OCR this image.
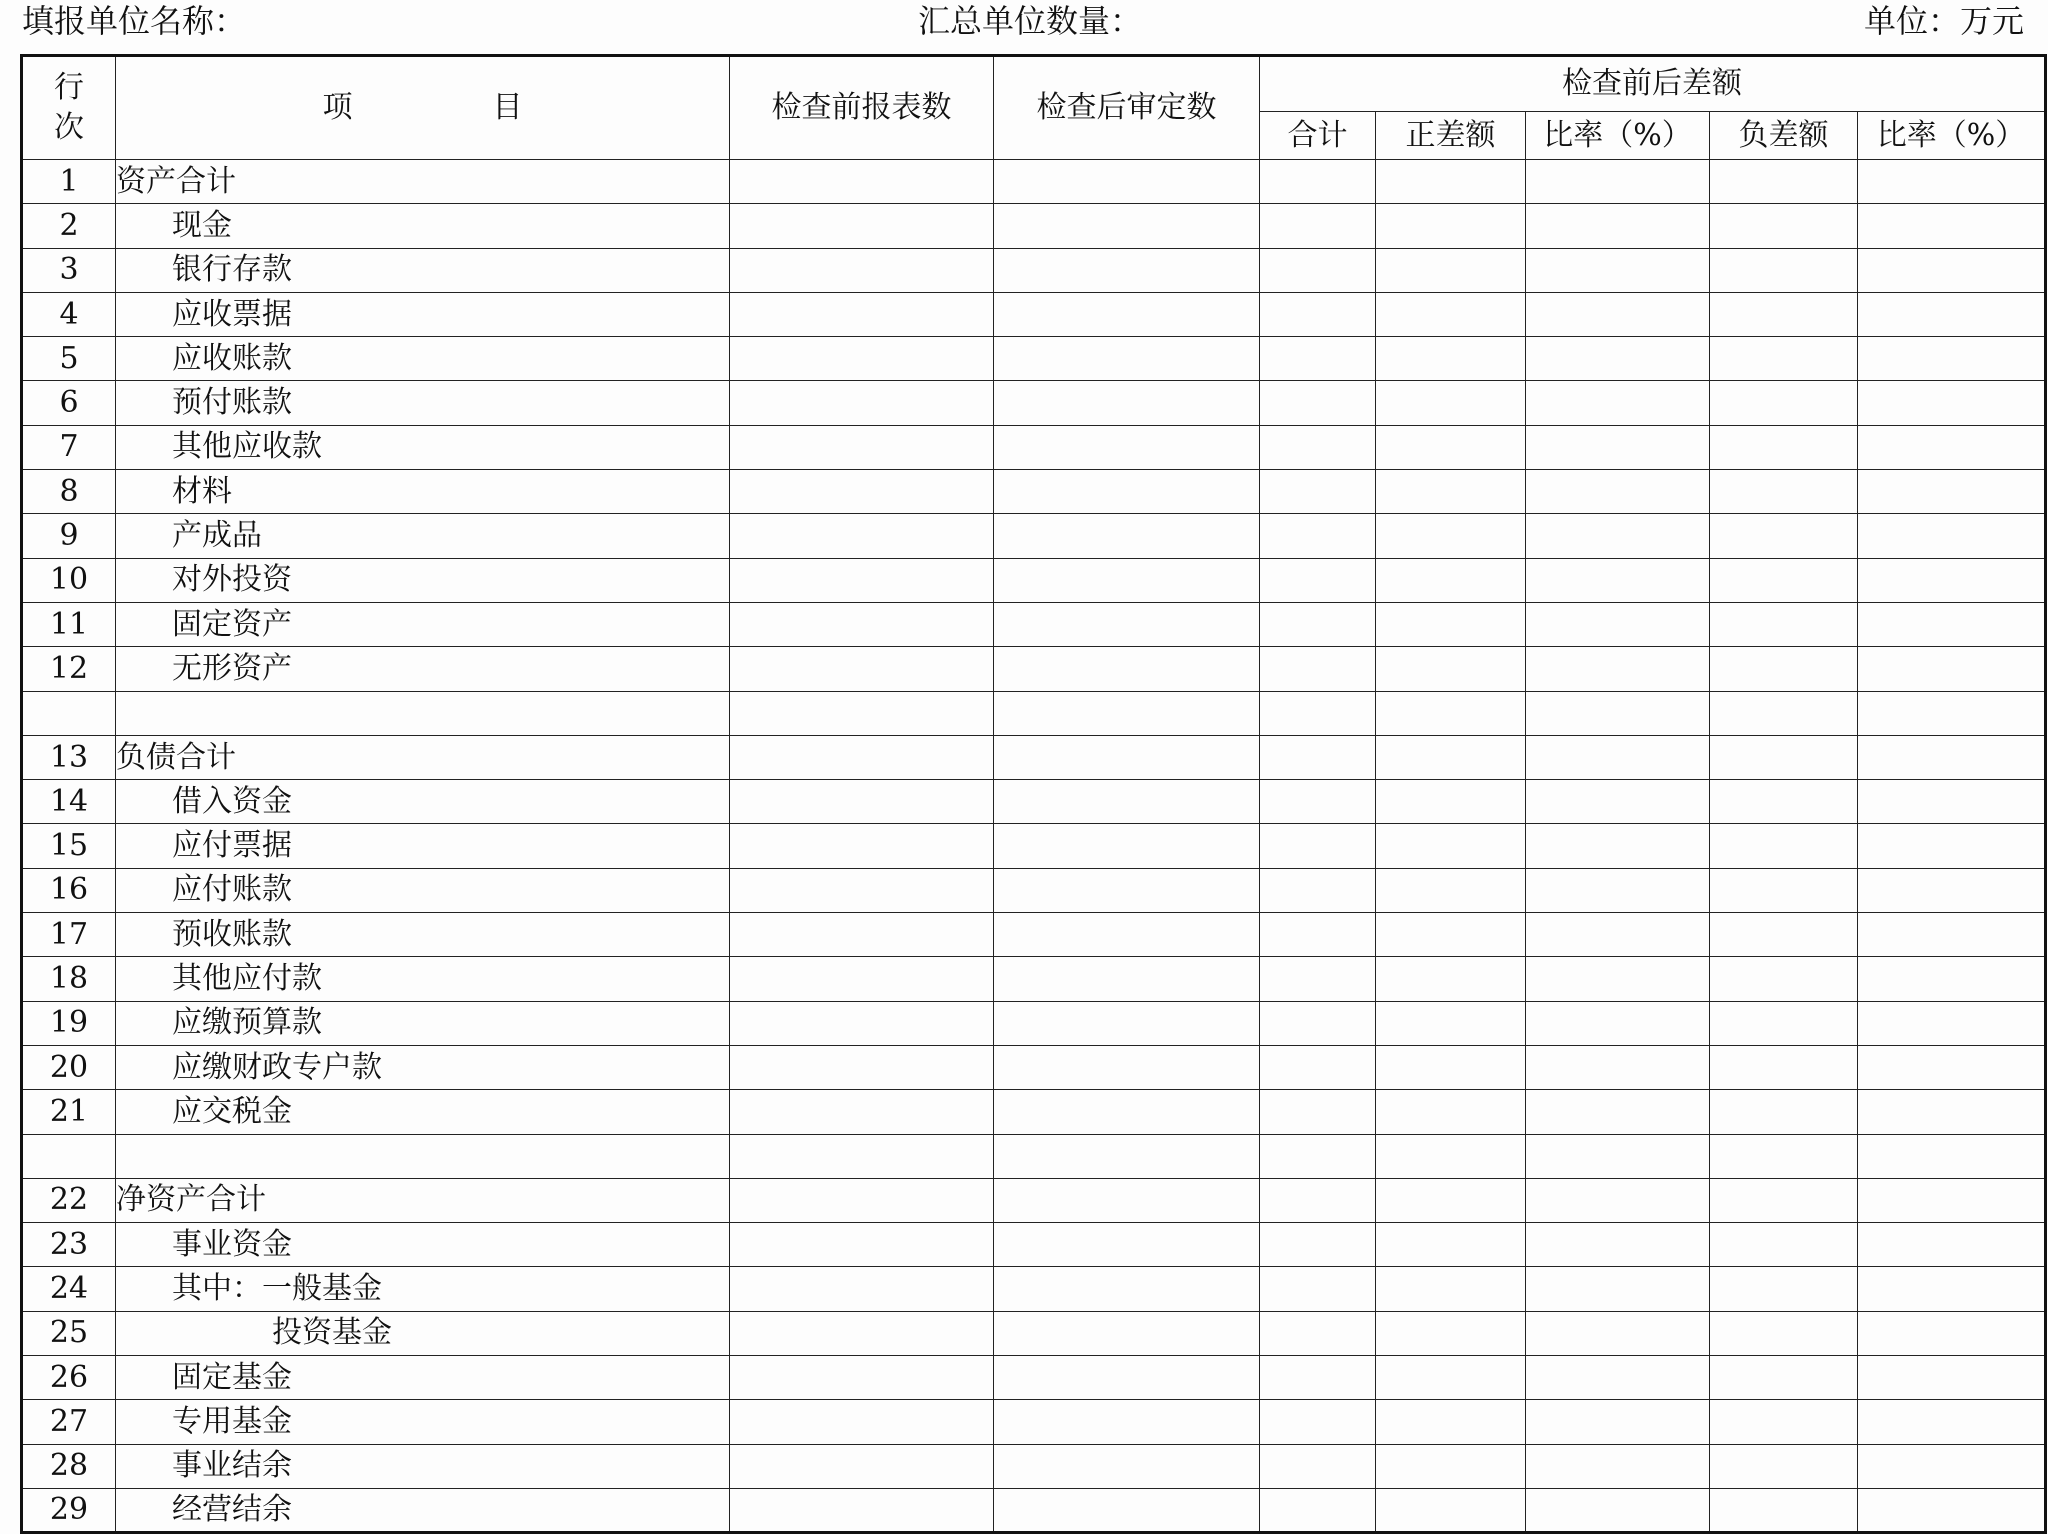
填报单位名称：	汇总单位数量：	单位：万元
行
次	项 目	检查前报表数	检查后审定数	检查前后差额				
				合计	正差额	比率（%）	负差额	比率（%）
1	资产合计							
2	现金							
3	银行存款							
4	应收票据							
5	应收账款							
6	预付账款							
7	其他应收款							
8	材料							
9	产成品							
10	对外投资							
11	固定资产							
12	无形资产							

13	负债合计							
14	借入资金							
15	应付票据							
16	应付账款							
17	预收账款							
18	其他应付款							
19	应缴预算款							
20	应缴财政专户款							
21	应交税金							

22	净资产合计							
23	事业资金							
24	其中：一般基金							
25	投资基金							
26	固定基金							
27	专用基金							
28	事业结余							
29	经营结余							
